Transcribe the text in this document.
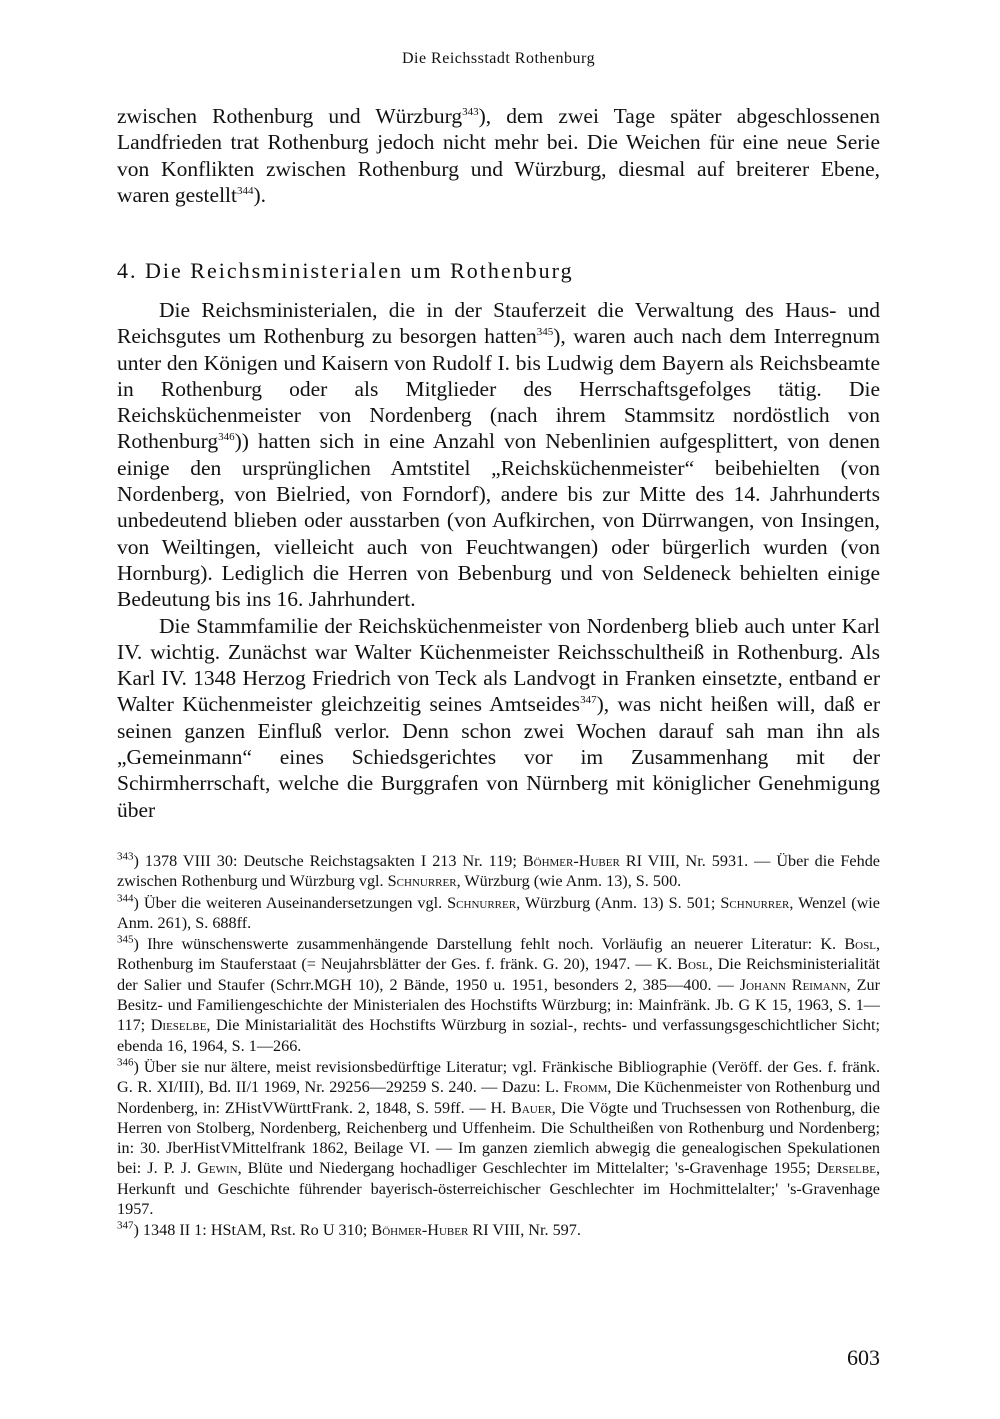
Die Reichsstadt Rothenburg

zwischen Rothenburg und Würzburg$^{343}$), dem zwei Tage später abgeschlossenen Landfrieden trat Rothenburg jedoch nicht mehr bei. Die Weichen für eine neue Serie von Konflikten zwischen Rothenburg und Würzburg, diesmal auf breiterer Ebene, waren gestellt$^{344}$).

4. Die Reichsministerialen um Rothenburg

Die Reichsministerialen, die in der Stauferzeit die Verwaltung des Haus- und Reichsgutes um Rothenburg zu besorgen hatten$^{345}$), waren auch nach dem Interregnum unter den Königen und Kaisern von Rudolf I. bis Ludwig dem Bayern als Reichsbeamte in Rothenburg oder als Mitglieder des Herrschaftsgefolges tätig. Die Reichsküchenmeister von Nordenberg (nach ihrem Stammsitz nordöstlich von Rothenburg$^{346}$)) hatten sich in eine Anzahl von Nebenlinien aufgesplittert, von denen einige den ursprünglichen Amtstitel „Reichsküchenmeister“ beibehielten (von Nordenberg, von Bielried, von Forndorf), andere bis zur Mitte des 14. Jahrhunderts unbedeutend blieben oder ausstarben (von Aufkirchen, von Dürrwangen, von Insingen, von Weiltingen, vielleicht auch von Feuchtwangen) oder bürgerlich wurden (von Hornburg). Lediglich die Herren von Bebenburg und von Seldeneck behielten einige Bedeutung bis ins 16. Jahrhundert.

Die Stammfamilie der Reichsküchenmeister von Nordenberg blieb auch unter Karl IV. wichtig. Zunächst war Walter Küchenmeister Reichsschultheiß in Rothenburg. Als Karl IV. 1348 Herzog Friedrich von Teck als Landvogt in Franken einsetzte, entband er Walter Küchenmeister gleichzeitig seines Amtseides$^{347}$), was nicht heißen will, daß er seinen ganzen Einfluß verlor. Denn schon zwei Wochen darauf sah man ihn als „Gemeinmann“ eines Schiedsgerichtes vor im Zusammenhang mit der Schirmherrschaft, welche die Burggrafen von Nürnberg mit königlicher Genehmigung über

$^{343}$) 1378 VIII 30: Deutsche Reichstagsakten I 213 Nr. 119; Böhmer-Huber RI VIII, Nr. 5931. — Über die Fehde zwischen Rothenburg und Würzburg vgl. Schnurrer, Würzburg (wie Anm. 13), S. 500.

$^{344}$) Über die weiteren Auseinandersetzungen vgl. Schnurrer, Würzburg (Anm. 13) S. 501; Schnurrer, Wenzel (wie Anm. 261), S. 688ff.

$^{345}$) Ihre wünschenswerte zusammenhängende Darstellung fehlt noch. Vorläufig an neuerer Literatur: K. Bosl, Rothenburg im Stauferstaat (= Neujahrsblätter der Ges. f. fränk. G. 20), 1947. — K. Bosl, Die Reichsministerialität der Salier und Staufer (Schrr.MGH 10), 2 Bände, 1950 u. 1951, besonders 2, 385—400. — Johann Reimann, Zur Besitz- und Familiengeschichte der Ministerialen des Hochstifts Würzburg; in: Mainfränk. Jb. G K 15, 1963, S. 1—117; Dieselbe, Die Ministarialität des Hochstifts Würzburg in sozial-, rechts- und verfassungsgeschichtlicher Sicht; ebenda 16, 1964, S. 1—266.

$^{346}$) Über sie nur ältere, meist revisionsbedürftige Literatur; vgl. Fränkische Bibliographie (Veröff. der Ges. f. fränk. G. R. XI/III), Bd. II/1 1969, Nr. 29256—29259 S. 240. — Dazu: L. Fromm, Die Küchenmeister von Rothenburg und Nordenberg, in: ZHistVWürttFrank. 2, 1848, S. 59ff. — H. Bauer, Die Vögte und Truchsessen von Rothenburg, die Herren von Stolberg, Nordenberg, Reichenberg und Uffenheim. Die Schultheißen von Rothenburg und Nordenberg; in: 30. JberHistVMittelfrank 1862, Beilage VI. — Im ganzen ziemlich abwegig die genealogischen Spekulationen bei: J. P. J. Gewin, Blüte und Niedergang hochadliger Geschlechter im Mittelalter; 's-Gravenhage 1955; Derselbe, Herkunft und Geschichte führender bayerisch-österreichischer Geschlechter im Hochmittelalter;' 's-Gravenhage 1957.

$^{347}$) 1348 II 1: HStAM, Rst. Ro U 310; Böhmer-Huber RI VIII, Nr. 597.

603
